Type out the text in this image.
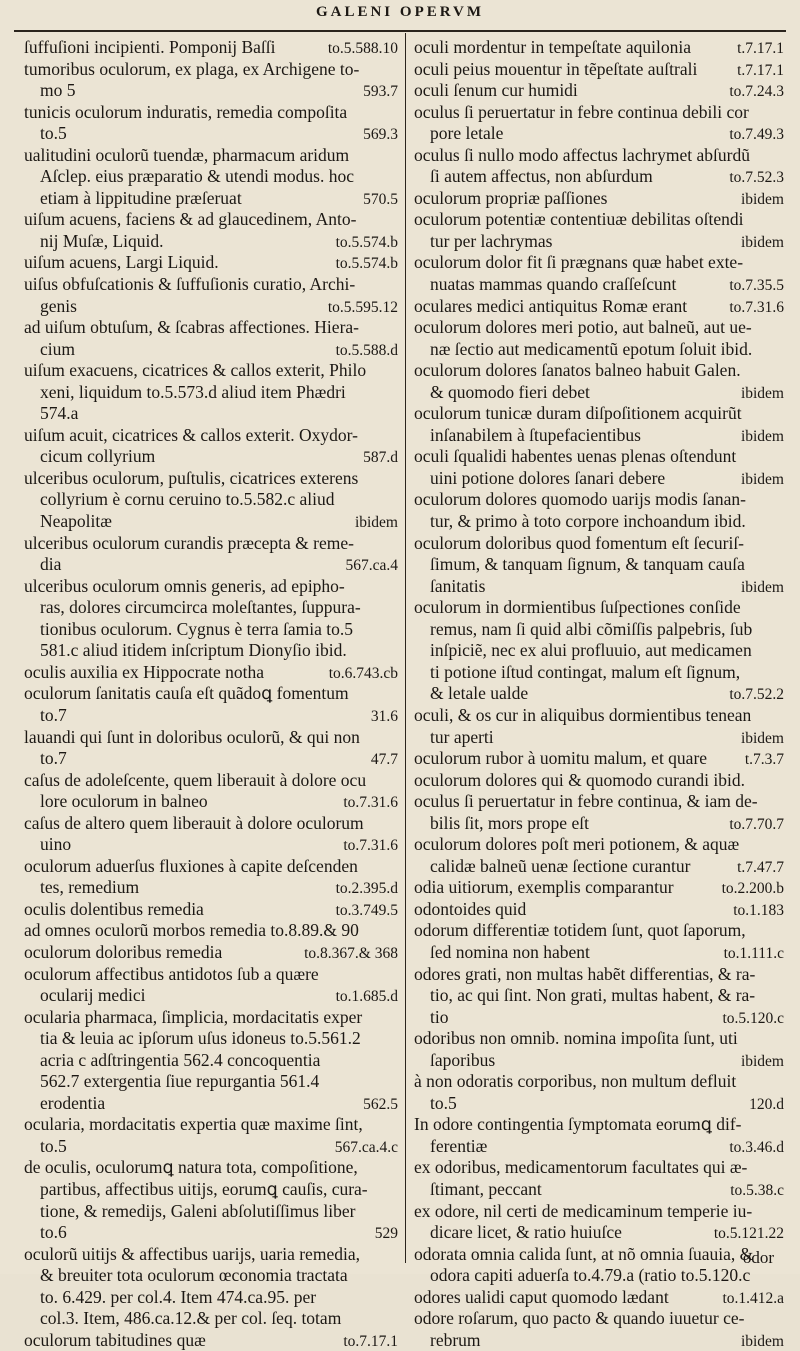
GALENI OPERVM
ſuffuſioni incipienti. Pomponij Baſſi	to.5.588.10
tumoribus oculorum, ex plaga, ex Archigene to-
mo 5	593.7
tunicis oculorum induratis, remedia compoſita
to.5	569.3
ualitudini oculorũ tuendæ, pharmacum aridum
Aſclep. eius præparatio & utendi modus. hoc
etiam à lippitudine præſeruat	570.5
uiſum acuens, faciens & ad glaucedinem, Anto-
nij Muſæ, Liquid.	to.5.574.b
uiſum acuens, Largi Liquid.	to.5.574.b
uiſus obfuſcationis & ſuffuſionis curatio, Archi-
genis	to.5.595.12
ad uiſum obtuſum, & ſcabras affectiones. Hiera-
cium	to.5.588.d
uiſum exacuens, cicatrices & callos exterit, Philo
xeni, liquidum to.5.573.d aliud item Phædri
574.a
uiſum acuit, cicatrices & callos exterit. Oxydor-
cicum collyrium	587.d
ulceribus oculorum, puſtulis, cicatrices exterens
collyrium è cornu ceruino to.5.582.c aliud
Neapolitæ	ibidem
ulceribus oculorum curandis præcepta & reme-
dia	567.ca.4
ulceribus oculorum omnis generis, ad epipho-
ras, dolores circumcirca moleſtantes, ſuppura-
tionibus oculorum. Cygnus è terra ſamia to.5
581.c aliud itidem inſcriptum Dionyſio ibid.
oculis auxilia ex Hippocrate notha	to.6.743.cb
oculorum ſanitatis cauſa eſt quãdoꝗ fomentum
to.7	31.6
lauandi qui ſunt in doloribus oculorũ, & qui non
to.7	47.7
caſus de adoleſcente, quem liberauit à dolore ocu
lore oculorum in balneo	to.7.31.6
caſus de altero quem liberauit à dolore oculorum
uino	to.7.31.6
oculorum aduerſus fluxiones à capite deſcenden
tes, remedium	to.2.395.d
oculis dolentibus remedia	to.3.749.5
ad omnes oculorũ morbos remedia to.8.89.& 90
oculorum doloribus remedia	to.8.367.& 368
oculorum affectibus antidotos ſub a quære
ocularij medici	to.1.685.d
ocularia pharmaca, ſimplicia, mordacitatis exper
tia & leuia ac ipſorum uſus idoneus to.5.561.2
acria c adſtringentia 562.4 concoquentia
562.7 extergentia ſiue repurgantia 561.4
erodentia	562.5
ocularia, mordacitatis expertia quæ maxime ſint,
to.5	567.ca.4.c
de oculis, oculorumꝗ natura tota, compoſitione,
partibus, affectibus uitijs, eorumꝗ cauſis, cura-
tione, & remedijs, Galeni abſolutiſſimus liber
to.6	529
oculorũ uitijs & affectibus uarijs, uaria remedia,
& breuiter tota oculorum œconomia tractata
to. 6.429. per col.4. Item 474.ca.95. per
col.3. Item, 486.ca.12.& per col. ſeq. totam
oculorum tabitudines quæ	to.7.17.1
oculi mordentur in tempeſtate aquilonia	t.7.17.1
oculi peius mouentur in tẽpeſtate auſtrali	t.7.17.1
oculi ſenum cur humidi	to.7.24.3
oculus ſi peruertatur in febre continua debili cor
pore letale	to.7.49.3
oculus ſi nullo modo affectus lachrymet abſurdũ
ſi autem affectus, non abſurdum	to.7.52.3
oculorum propriæ paſſiones	ibidem
oculorum potentiæ contentiuæ debilitas oſtendi
tur per lachrymas	ibidem
oculorum dolor fit ſi prægnans quæ habet exte-
nuatas mammas quando craſſeſcunt	to.7.35.5
oculares medici antiquitus Romæ erant	to.7.31.6
oculorum dolores meri potio, aut balneũ, aut ue-
næ ſectio aut medicamentũ epotum ſoluit ibid.
oculorum dolores ſanatos balneo habuit Galen.
& quomodo fieri debet	ibidem
oculorum tunicæ duram diſpoſitionem acquirũt
inſanabilem à ſtupefacientibus	ibidem
oculi ſqualidi habentes uenas plenas oſtendunt
uini potione dolores ſanari debere	ibidem
oculorum dolores quomodo uarijs modis ſanan-
tur, & primo à toto corpore inchoandum ibid.
oculorum doloribus quod fomentum eſt ſecuriſ-
ſimum, & tanquam ſignum, & tanquam cauſa
ſanitatis	ibidem
oculorum in dormientibus ſuſpectiones conſide
remus, nam ſi quid albi cõmiſſis palpebris, ſub
inſpiciẽ, nec ex alui profluuio, aut medicamen
ti potione iſtud contingat, malum eſt ſignum,
& letale ualde	to.7.52.2
oculi, & os cur in aliquibus dormientibus tenean
tur aperti	ibidem
oculorum rubor à uomitu malum, et quare	t.7.3.7
oculorum dolores qui & quomodo curandi ibid.
oculus ſi peruertatur in febre continua, & iam de-
bilis ſit, mors prope eſt	to.7.70.7
oculorum dolores poſt meri potionem, & aquæ
calidæ balneũ uenæ ſectione curantur	t.7.47.7
odia uitiorum, exemplis comparantur	to.2.200.b
odontoides quid	to.1.183
odorum differentiæ totidem ſunt, quot ſaporum,
ſed nomina non habent	to.1.111.c
odores grati, non multas habẽt differentias, & ra-
tio, ac qui ſint. Non grati, multas habent, & ra-
tio	to.5.120.c
odoribus non omnib. nomina impoſita ſunt, uti
ſaporibus	ibidem
à non odoratis corporibus, non multum defluit
to.5	120.d
In odore contingentia ſymptomata eorumꝗ dif-
ferentiæ	to.3.46.d
ex odoribus, medicamentorum facultates qui æ-
ſtimant, peccant	to.5.38.c
ex odore, nil certi de medicaminum temperie iu-
dicare licet, & ratio huiuſce	to.5.121.22
odorata omnia calida ſunt, at nõ omnia ſuauia, &
odora capiti aduerſa to.4.79.a (ratio to.5.120.c
odores ualidi caput quomodo lædant	to.1.412.a
odore roſarum, quo pacto & quando iuuetur ce-
rebrum	ibidem
odor
